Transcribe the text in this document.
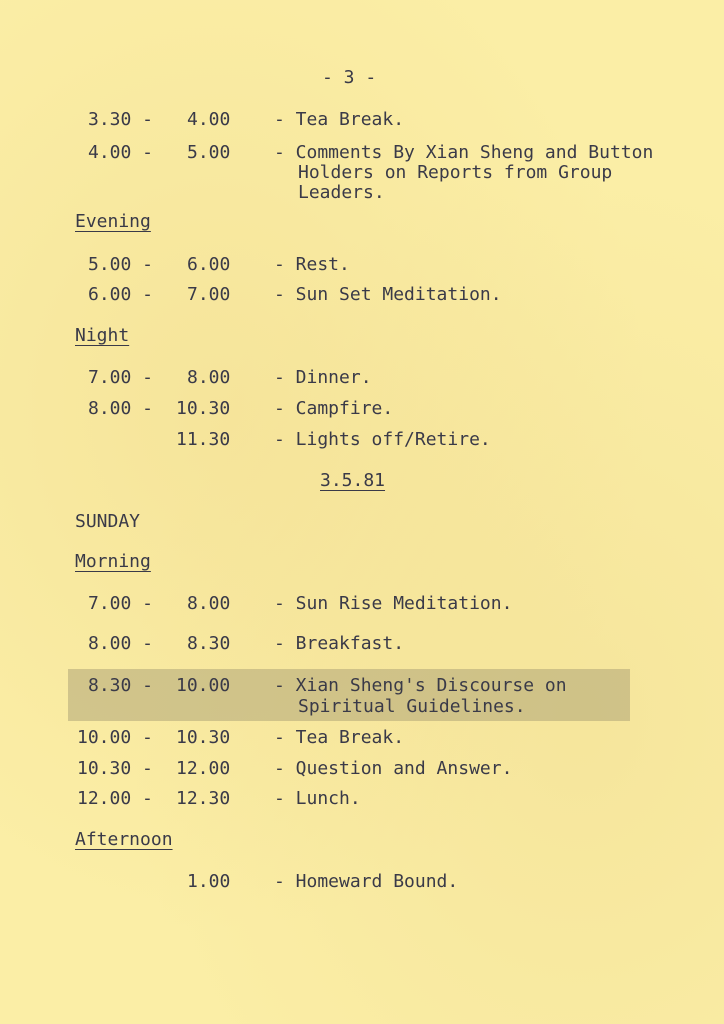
- 3 -
3.30 - 4.00 - Tea Break.
4.00 - 5.00 - Comments By Xian Sheng and Button
Holders on Reports from Group
Leaders.
Evening
5.00 - 6.00 - Rest.
6.00 - 7.00 - Sun Set Meditation.
Night
7.00 - 8.00 - Dinner.
8.00 - 10.30 - Campfire.
11.30 - Lights off/Retire.
3.5.81
SUNDAY
Morning
7.00 - 8.00 - Sun Rise Meditation.
8.00 - 8.30 - Breakfast.
8.30 - 10.00 - Xian Sheng's Discourse on
Spiritual Guidelines.
10.00 - 10.30 - Tea Break.
10.30 - 12.00 - Question and Answer.
12.00 - 12.30 - Lunch.
Afternoon
1.00 - Homeward Bound.
